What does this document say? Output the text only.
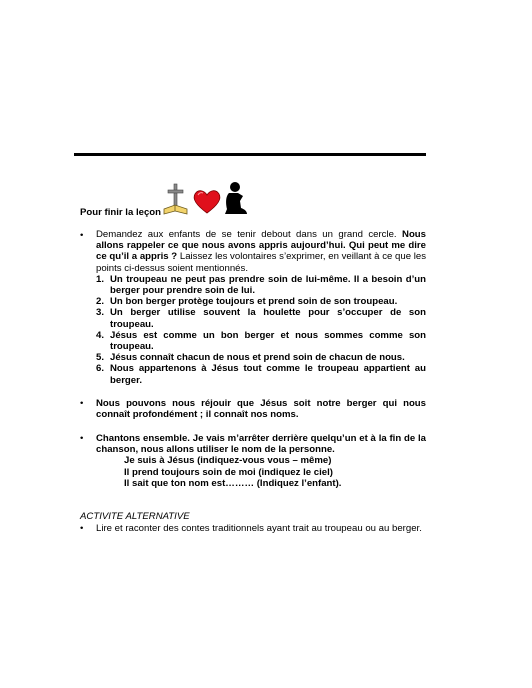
Pour finir la leçon
• Demandez aux enfants de se tenir debout dans un grand cercle. Nous allons rappeler ce que nous avons appris aujourd’hui. Qui peut me dire ce qu’il a appris ? Laissez les volontaires s’exprimer, en veillant à ce que les points ci-dessus soient mentionnés.
1. Un troupeau ne peut pas prendre soin de lui-même. Il a besoin d’un berger pour prendre soin de lui.
2. Un bon berger protège toujours et prend soin de son troupeau.
3. Un berger utilise souvent la houlette pour s’occuper de son troupeau.
4. Jésus est comme un bon berger et nous sommes comme son troupeau.
5. Jésus connaît chacun de nous et prend soin de chacun de nous.
6. Nous appartenons à Jésus tout comme le troupeau appartient au berger.
• Nous pouvons nous réjouir que Jésus soit notre berger qui nous connaît profondément ; il connaît nos noms.
• Chantons ensemble. Je vais m’arrêter derrière quelqu’un et à la fin de la chanson, nous allons utiliser le nom de la personne.
Je suis à Jésus (indiquez-vous vous – même)
Il prend toujours soin de moi (indiquez le ciel)
Il sait que ton nom est……… (Indiquez l’enfant).
ACTIVITE ALTERNATIVE
• Lire et raconter des contes traditionnels ayant trait au troupeau ou au berger.
